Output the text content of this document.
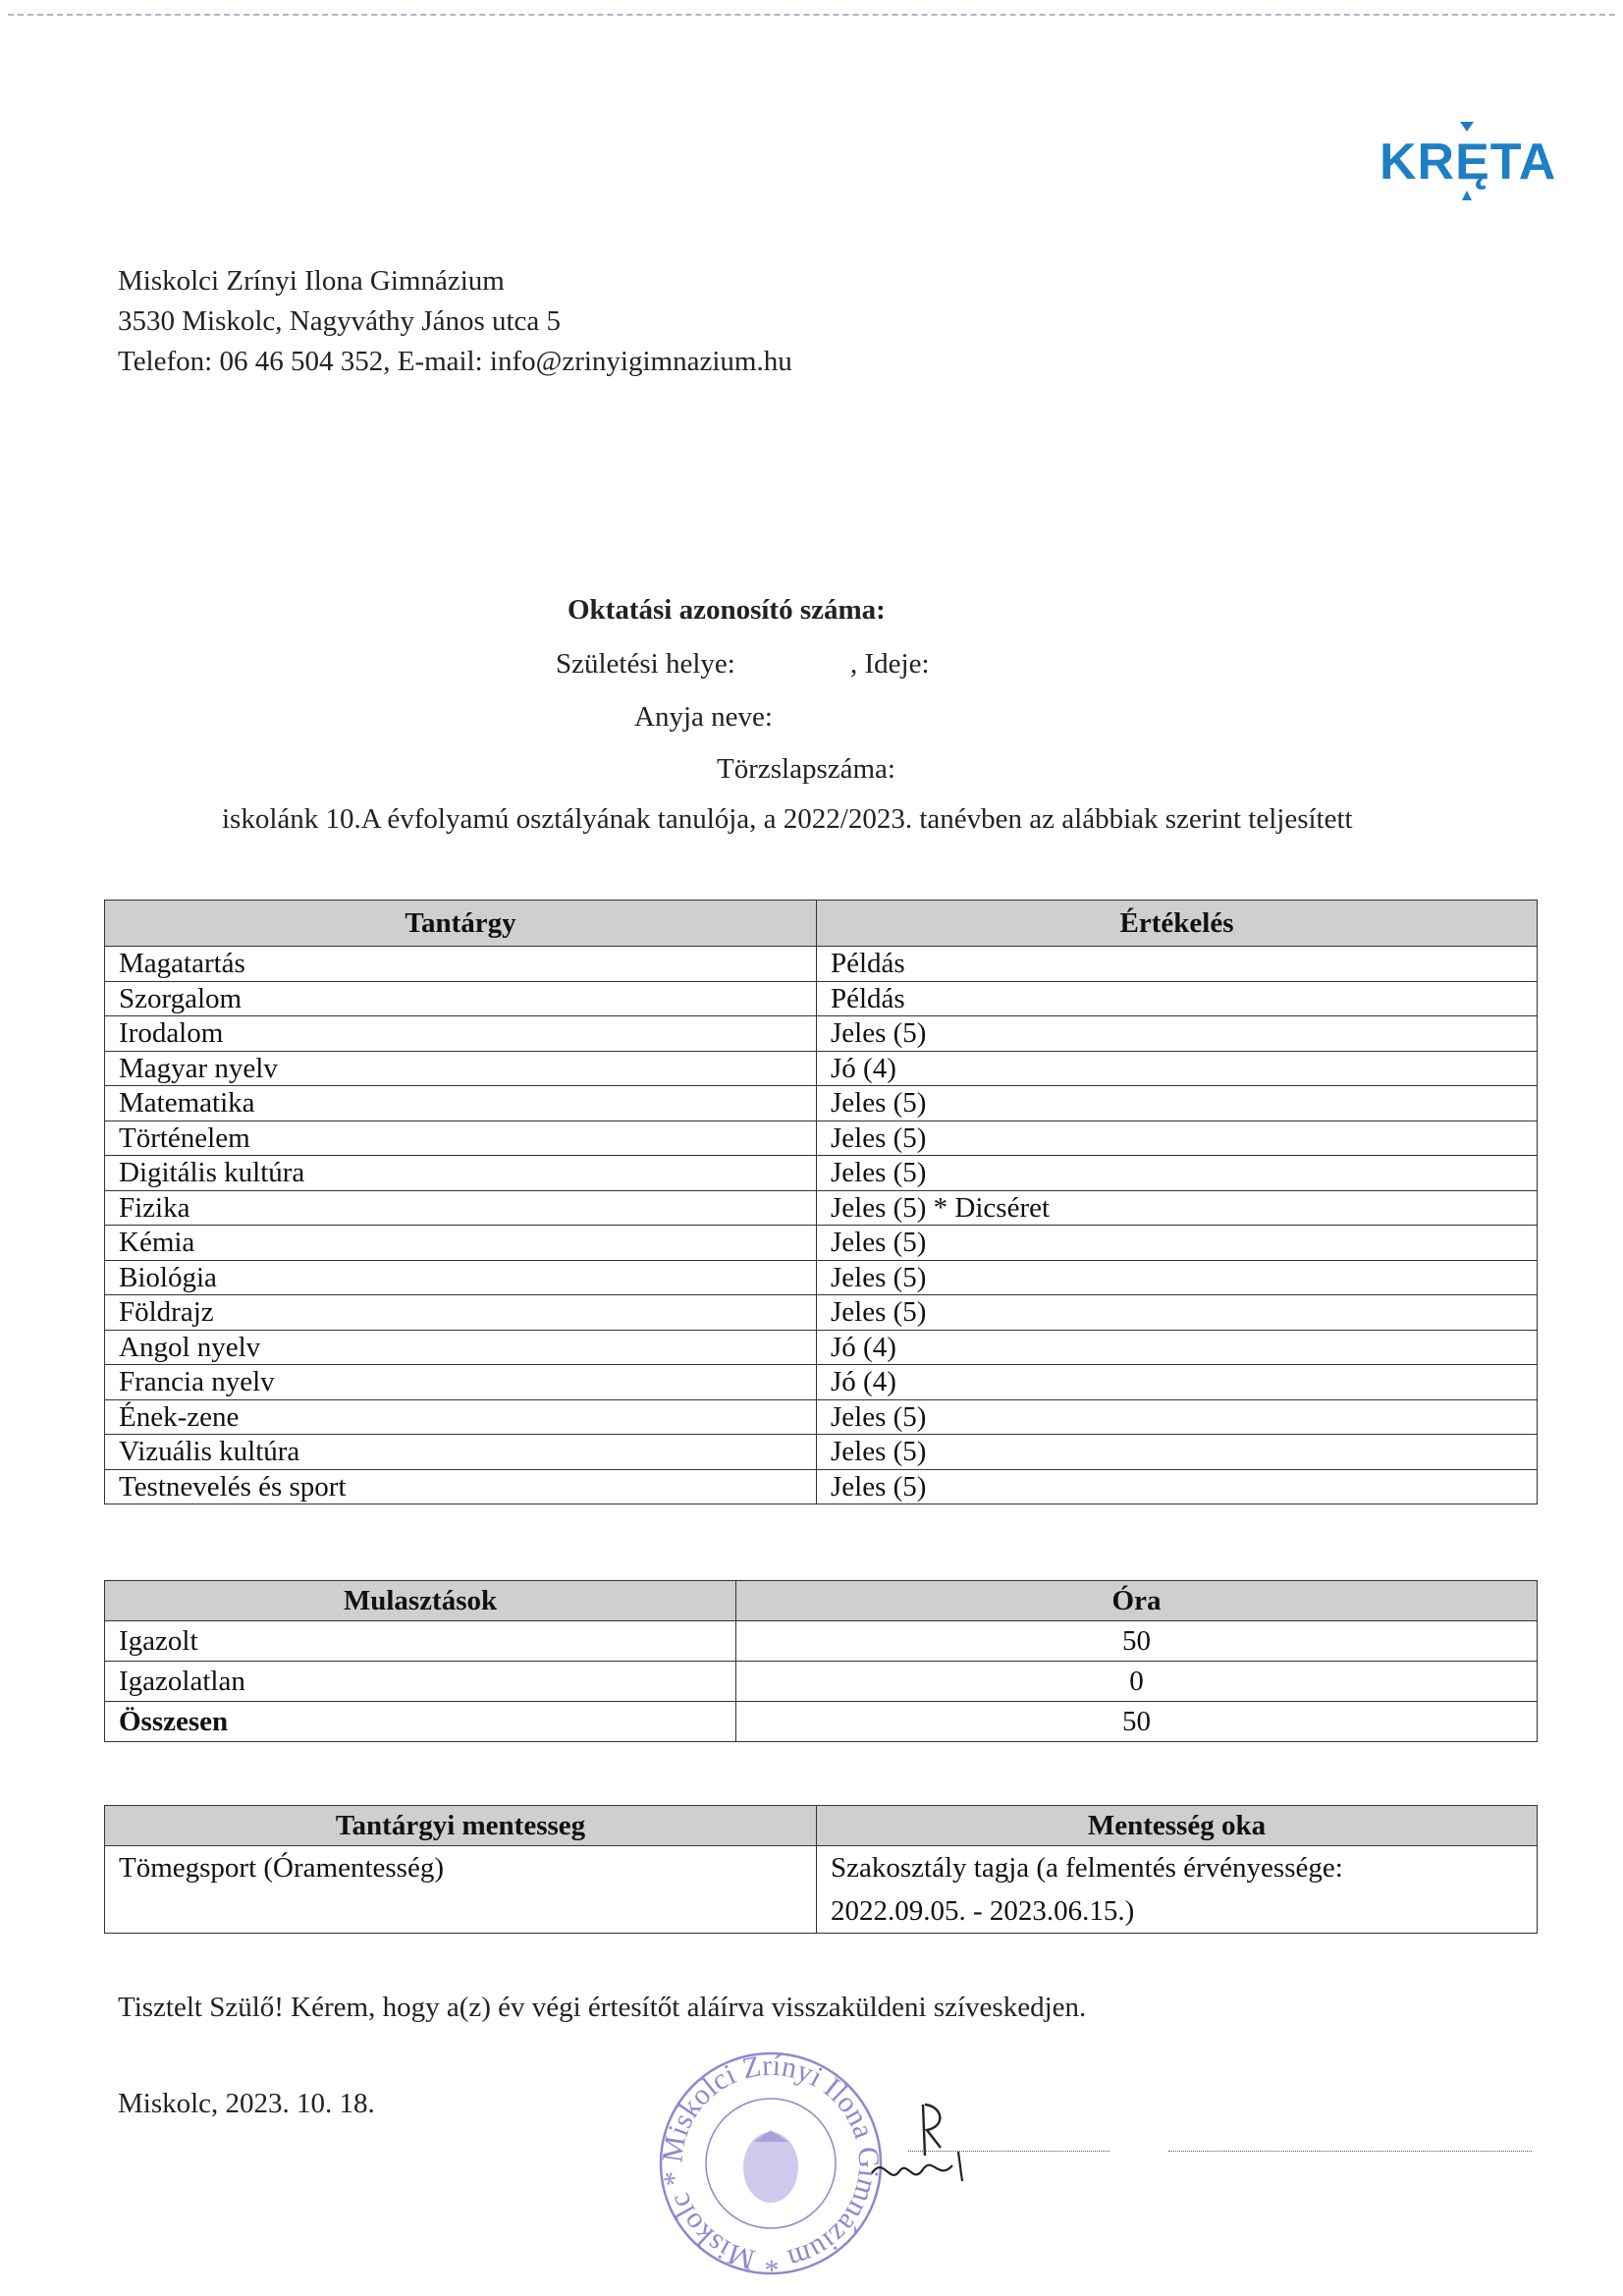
KRĘTA
Miskolci Zrínyi Ilona Gimnázium
3530 Miskolc, Nagyváthy János utca 5
Telefon: 06 46 504 352, E-mail: info@zrinyigimnazium.hu
Oktatási azonosító száma:
Születési helye:	, Ideje:
Anyja neve:
Törzslapszáma:
iskolánk 10.A évfolyamú osztályának tanulója, a 2022/2023. tanévben az alábbiak szerint teljesített
Tantárgy	Értékelés
Magatartás	Példás
Szorgalom	Példás
Irodalom	Jeles (5)
Magyar nyelv	Jó (4)
Matematika	Jeles (5)
Történelem	Jeles (5)
Digitális kultúra	Jeles (5)
Fizika	Jeles (5) * Dicséret
Kémia	Jeles (5)
Biológia	Jeles (5)
Földrajz	Jeles (5)
Angol nyelv	Jó (4)
Francia nyelv	Jó (4)
Ének-zene	Jeles (5)
Vizuális kultúra	Jeles (5)
Testnevelés és sport	Jeles (5)
Mulasztások	Óra
Igazolt	50
Igazolatlan	0
Összesen	50
Tantárgyi mentesseg	Mentesség oka
Tömegsport (Óramentesség)	Szakosztály tagja (a felmentés érvényessége:
2022.09.05. - 2023.06.15.)
Tisztelt Szülő! Kérem, hogy a(z) év végi értesítőt aláírva visszaküldeni szíveskedjen.
Miskolc, 2023. 10. 18.
Miskolci Zrínyi Ilona Gimnázium * Miskolc *
